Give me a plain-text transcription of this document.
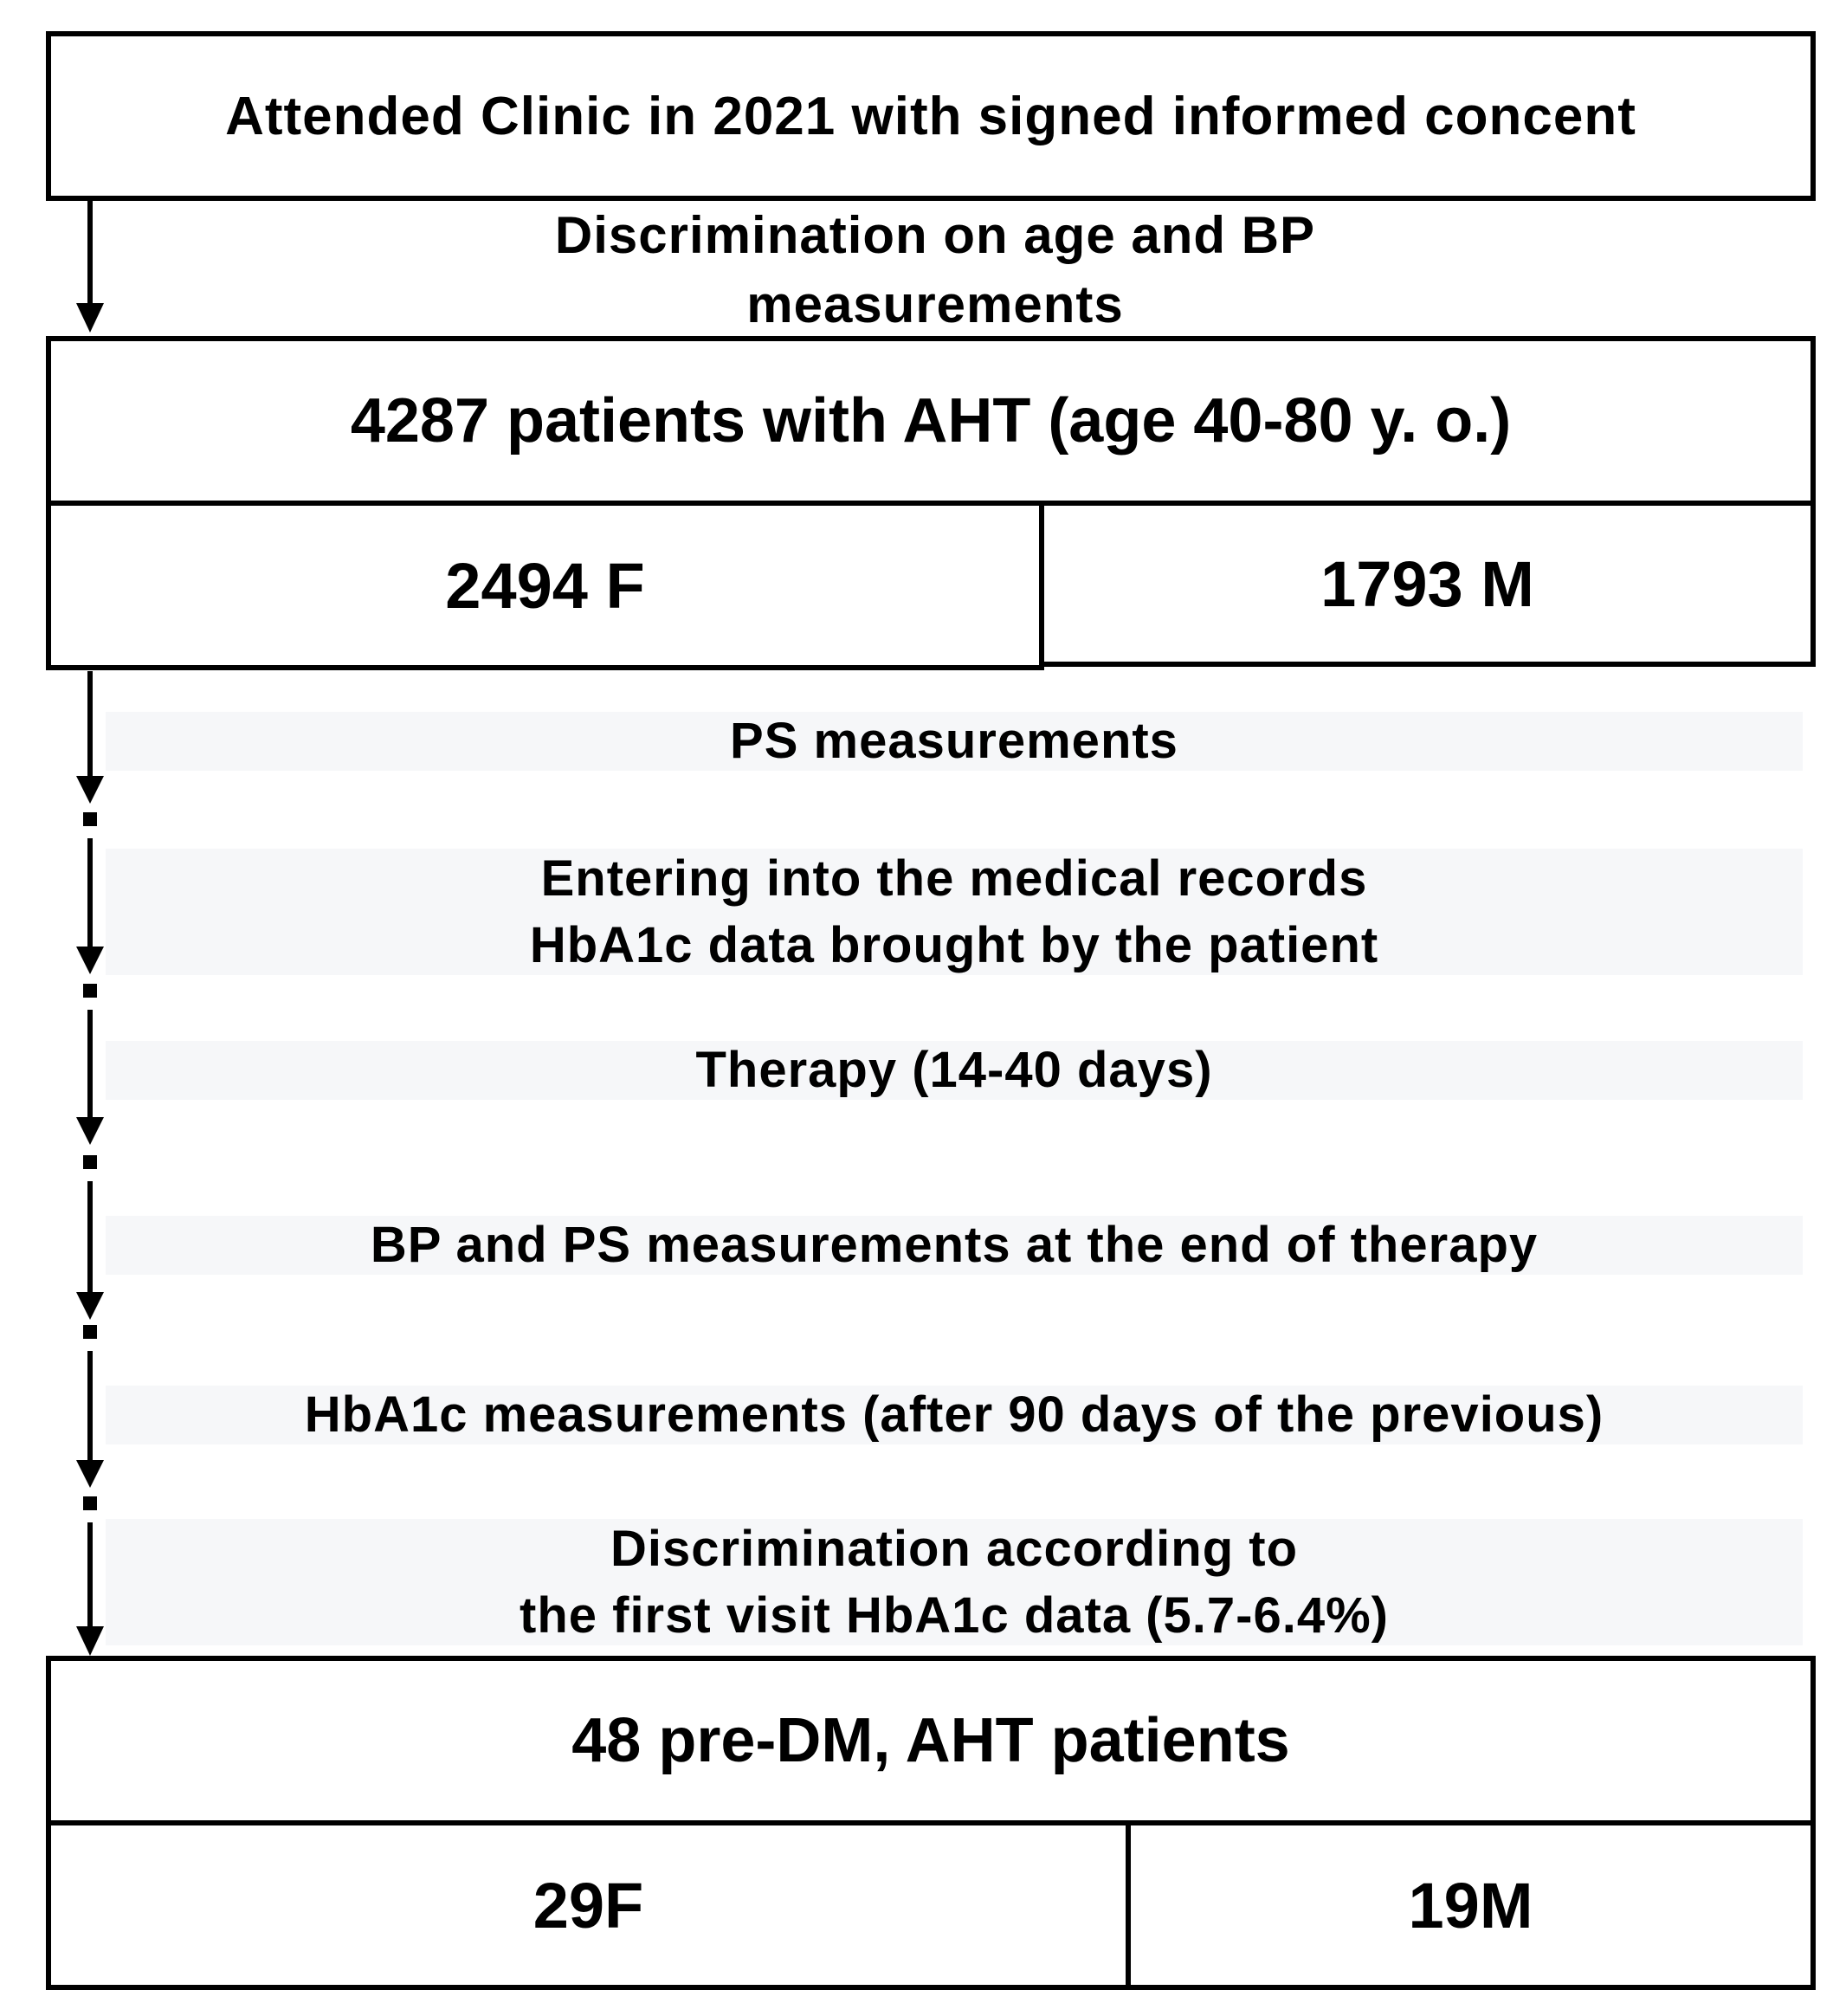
Attended Clinic in 2021 with signed informed concent
Discrimination on age and BP
measurements
4287 patients with AHT (age 40-80 y. o.)
2494 F	1793 M
PS measurements
Entering into the medical records
HbA1c data brought by the patient
Therapy (14-40 days)
BP and PS measurements at the end of therapy
HbA1c measurements (after 90 days of the previous)
Discrimination according to
the first visit HbA1c data (5.7-6.4%)
48 pre-DM, AHT patients
29F	19M
